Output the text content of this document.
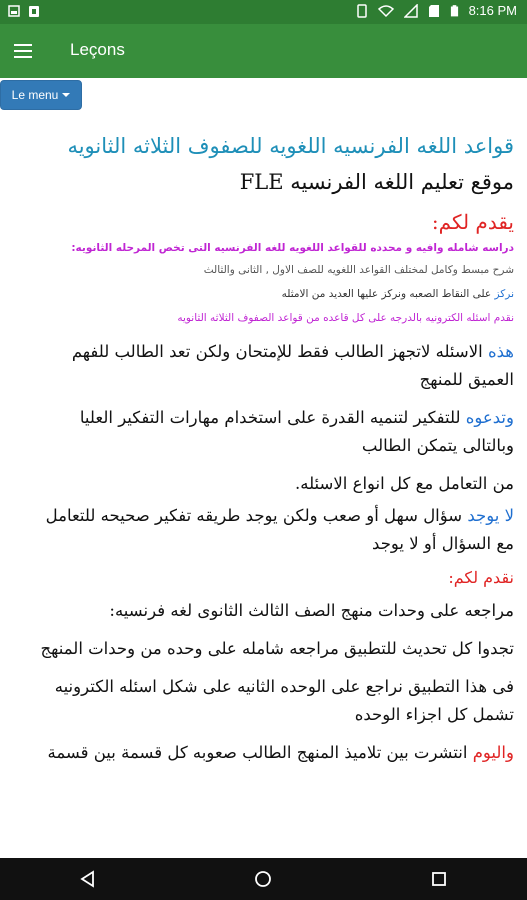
8:16 PM
Leçons
Le menu
قواعد اللغه الفرنسيه اللغويه للصفوف الثلاثه الثانويه
موقع تعليم اللغه الفرنسيه FLE
يقدم لكم:
دراسه شامله وافيه و محدده للقواعد اللغويه للغه الفرنسيه التى تخص المرحله الثانويه:
شرح مبسط وكامل لمختلف القواعد اللغويه للصف الاول , الثانى والثالث
نركز على النقاط الصعبه ونركز عليها العديد من الامثله
نقدم اسئله الكترونيه بالدرجه على كل قاعده من قواعد الصفوف الثلاثه الثانويه
هذه الاسئله لاتجهز الطالب فقط للإمتحان ولكن تعد الطالب للفهم العميق للمنهج
وتدعوه للتفكير لتنميه القدرة على استخدام مهارات التفكير العليا وبالتالى يتمكن الطالب
من التعامل مع كل انواع الاسئله.
لا يوجد سؤال سهل أو صعب ولكن يوجد طريقه تفكير صحيحه للتعامل مع السؤال أو لا يوجد
نقدم لكم:
مراجعه على وحدات منهج الصف الثالث الثانوى لغه فرنسيه:
تجدوا كل تحديث للتطبيق مراجعه شامله على وحده من وحدات المنهج
فى هذا التطبيق نراجع على الوحده الثانيه على شكل اسئله الكترونيه تشمل كل اجزاء الوحده
واليوم انتشرت بين تلاميذ المنهج الطالب صعوبه كل قسمة بين قسمة
